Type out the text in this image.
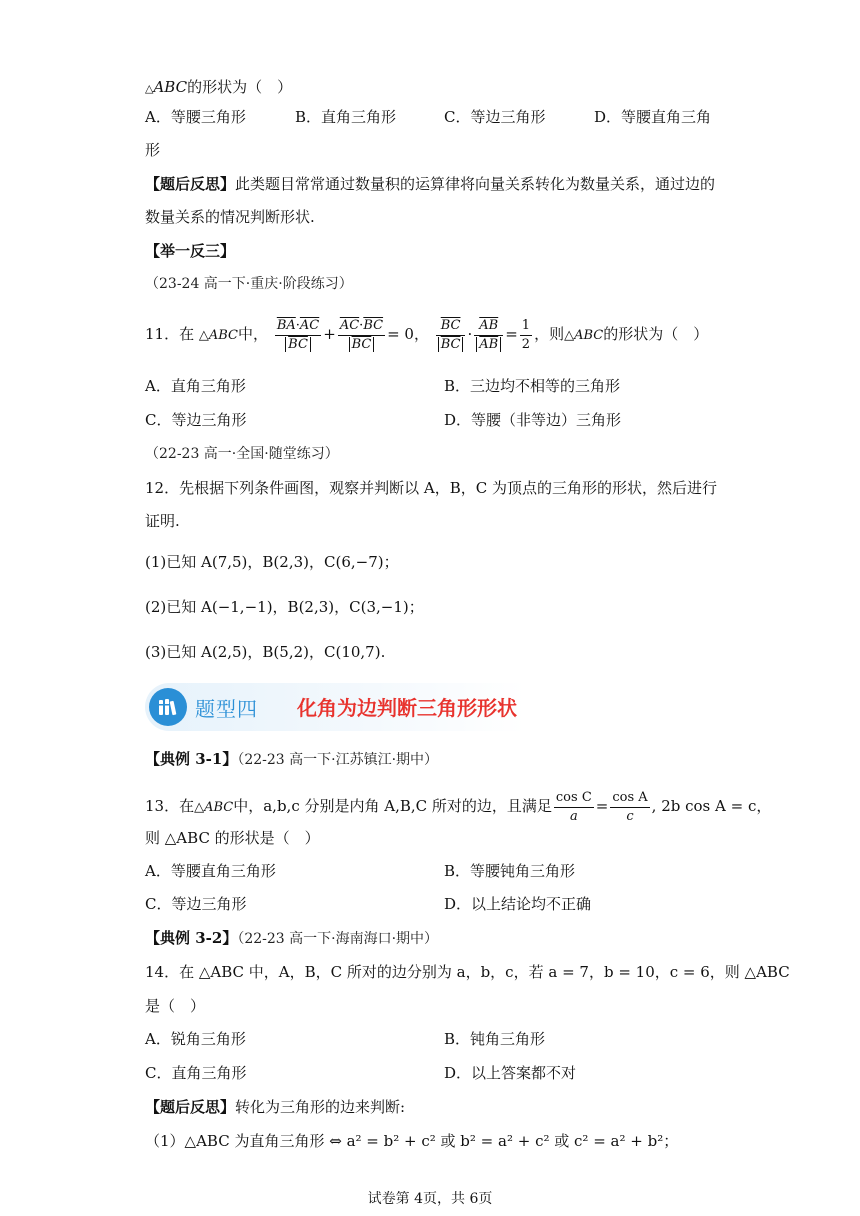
△ABC的形状为（　）
A．等腰三角形	B．直角三角形	C．等边三角形	D．等腰直角三角
形
【题后反思】此类题目常常通过数量积的运算律将向量关系转化为数量关系，通过边的
数量关系的情况判断形状.
【举一反三】
（23-24 高一下·重庆·阶段练习）
11．在 △ABC中， $\frac{\overline{BA}\cdot\overline{AC}}{BC} + \frac{\overline{AC}\cdot\overline{BC}}{BC} = 0$， $\frac{\overline{BC}}{BC} \cdot \frac{\overline{AB}}{AB} = \frac{1}{2}$ ，则△ABC的形状为（　）
A．直角三角形	B．三边均不相等的三角形
C．等边三角形	D．等腰（非等边）三角形
（22-23 高一·全国·随堂练习）
12．先根据下列条件画图，观察并判断以 A，B，C 为顶点的三角形的形状，然后进行
证明.
(1)已知 A(7,5)，B(2,3)，C(6,−7)；
(2)已知 A(−1,−1)，B(2,3)，C(3,−1)；
(3)已知 A(2,5)，B(5,2)，C(10,7).
题型四 化角为边判断三角形形状
【典例 3-1】（22-23 高一下·江苏镇江·期中）
13．在△ABC中，a,b,c 分别是内角 A,B,C 所对的边，且满足 $\frac{\text{cos C}}{a} = \frac{\text{cos A}}{c}$ , 2b cos A = c，
则 △ABC 的形状是（　）
A．等腰直角三角形	B．等腰钝角三角形
C．等边三角形	D．以上结论均不正确
【典例 3-2】（22-23 高一下·海南海口·期中）
14．在 △ABC 中，A，B，C 所对的边分别为 a，b，c，若 a = 7，b = 10，c = 6，则 △ABC
是（　）
A．锐角三角形	B．钝角三角形
C．直角三角形	D．以上答案都不对
【题后反思】转化为三角形的边来判断:
（1）△ABC 为直角三角形 ⇔ a² = b² + c² 或 b² = a² + c² 或 c² = a² + b²；
试卷第 4页，共 6页
